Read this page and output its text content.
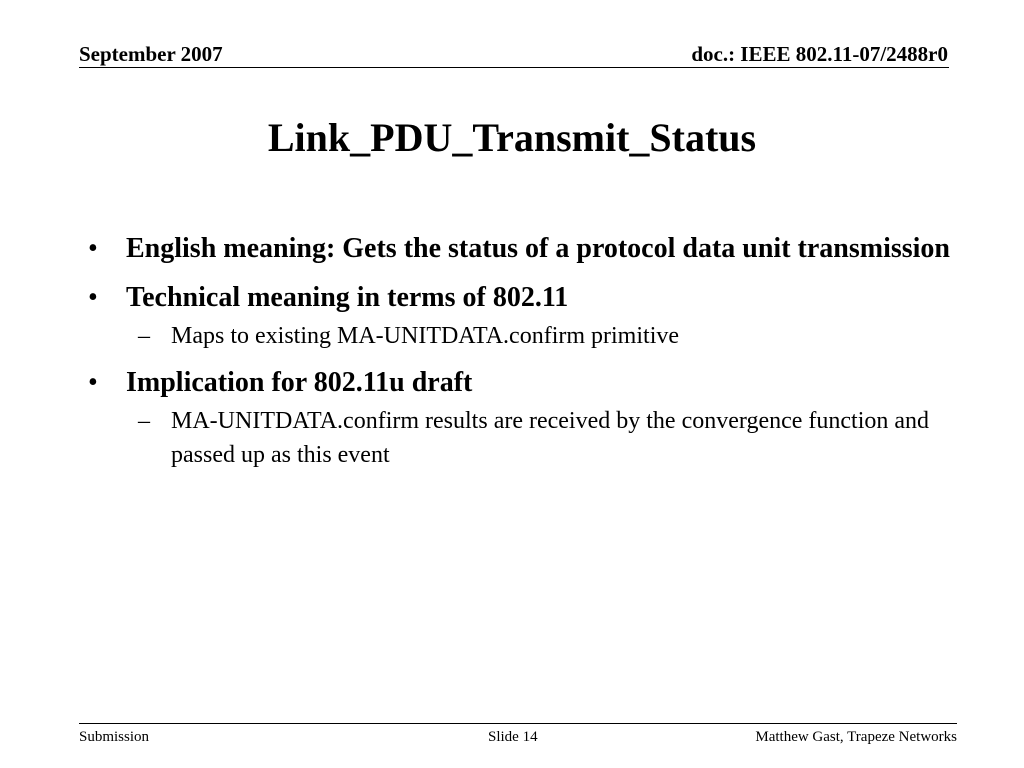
September 2007	doc.: IEEE 802.11-07/2488r0
Link_PDU_Transmit_Status
• English meaning: Gets the status of a protocol data unit transmission
• Technical meaning in terms of 802.11
– Maps to existing MA-UNITDATA.confirm primitive
• Implication for 802.11u draft
– MA-UNITDATA.confirm results are received by the convergence function and passed up as this event
Submission	Slide 14	Matthew Gast, Trapeze Networks
